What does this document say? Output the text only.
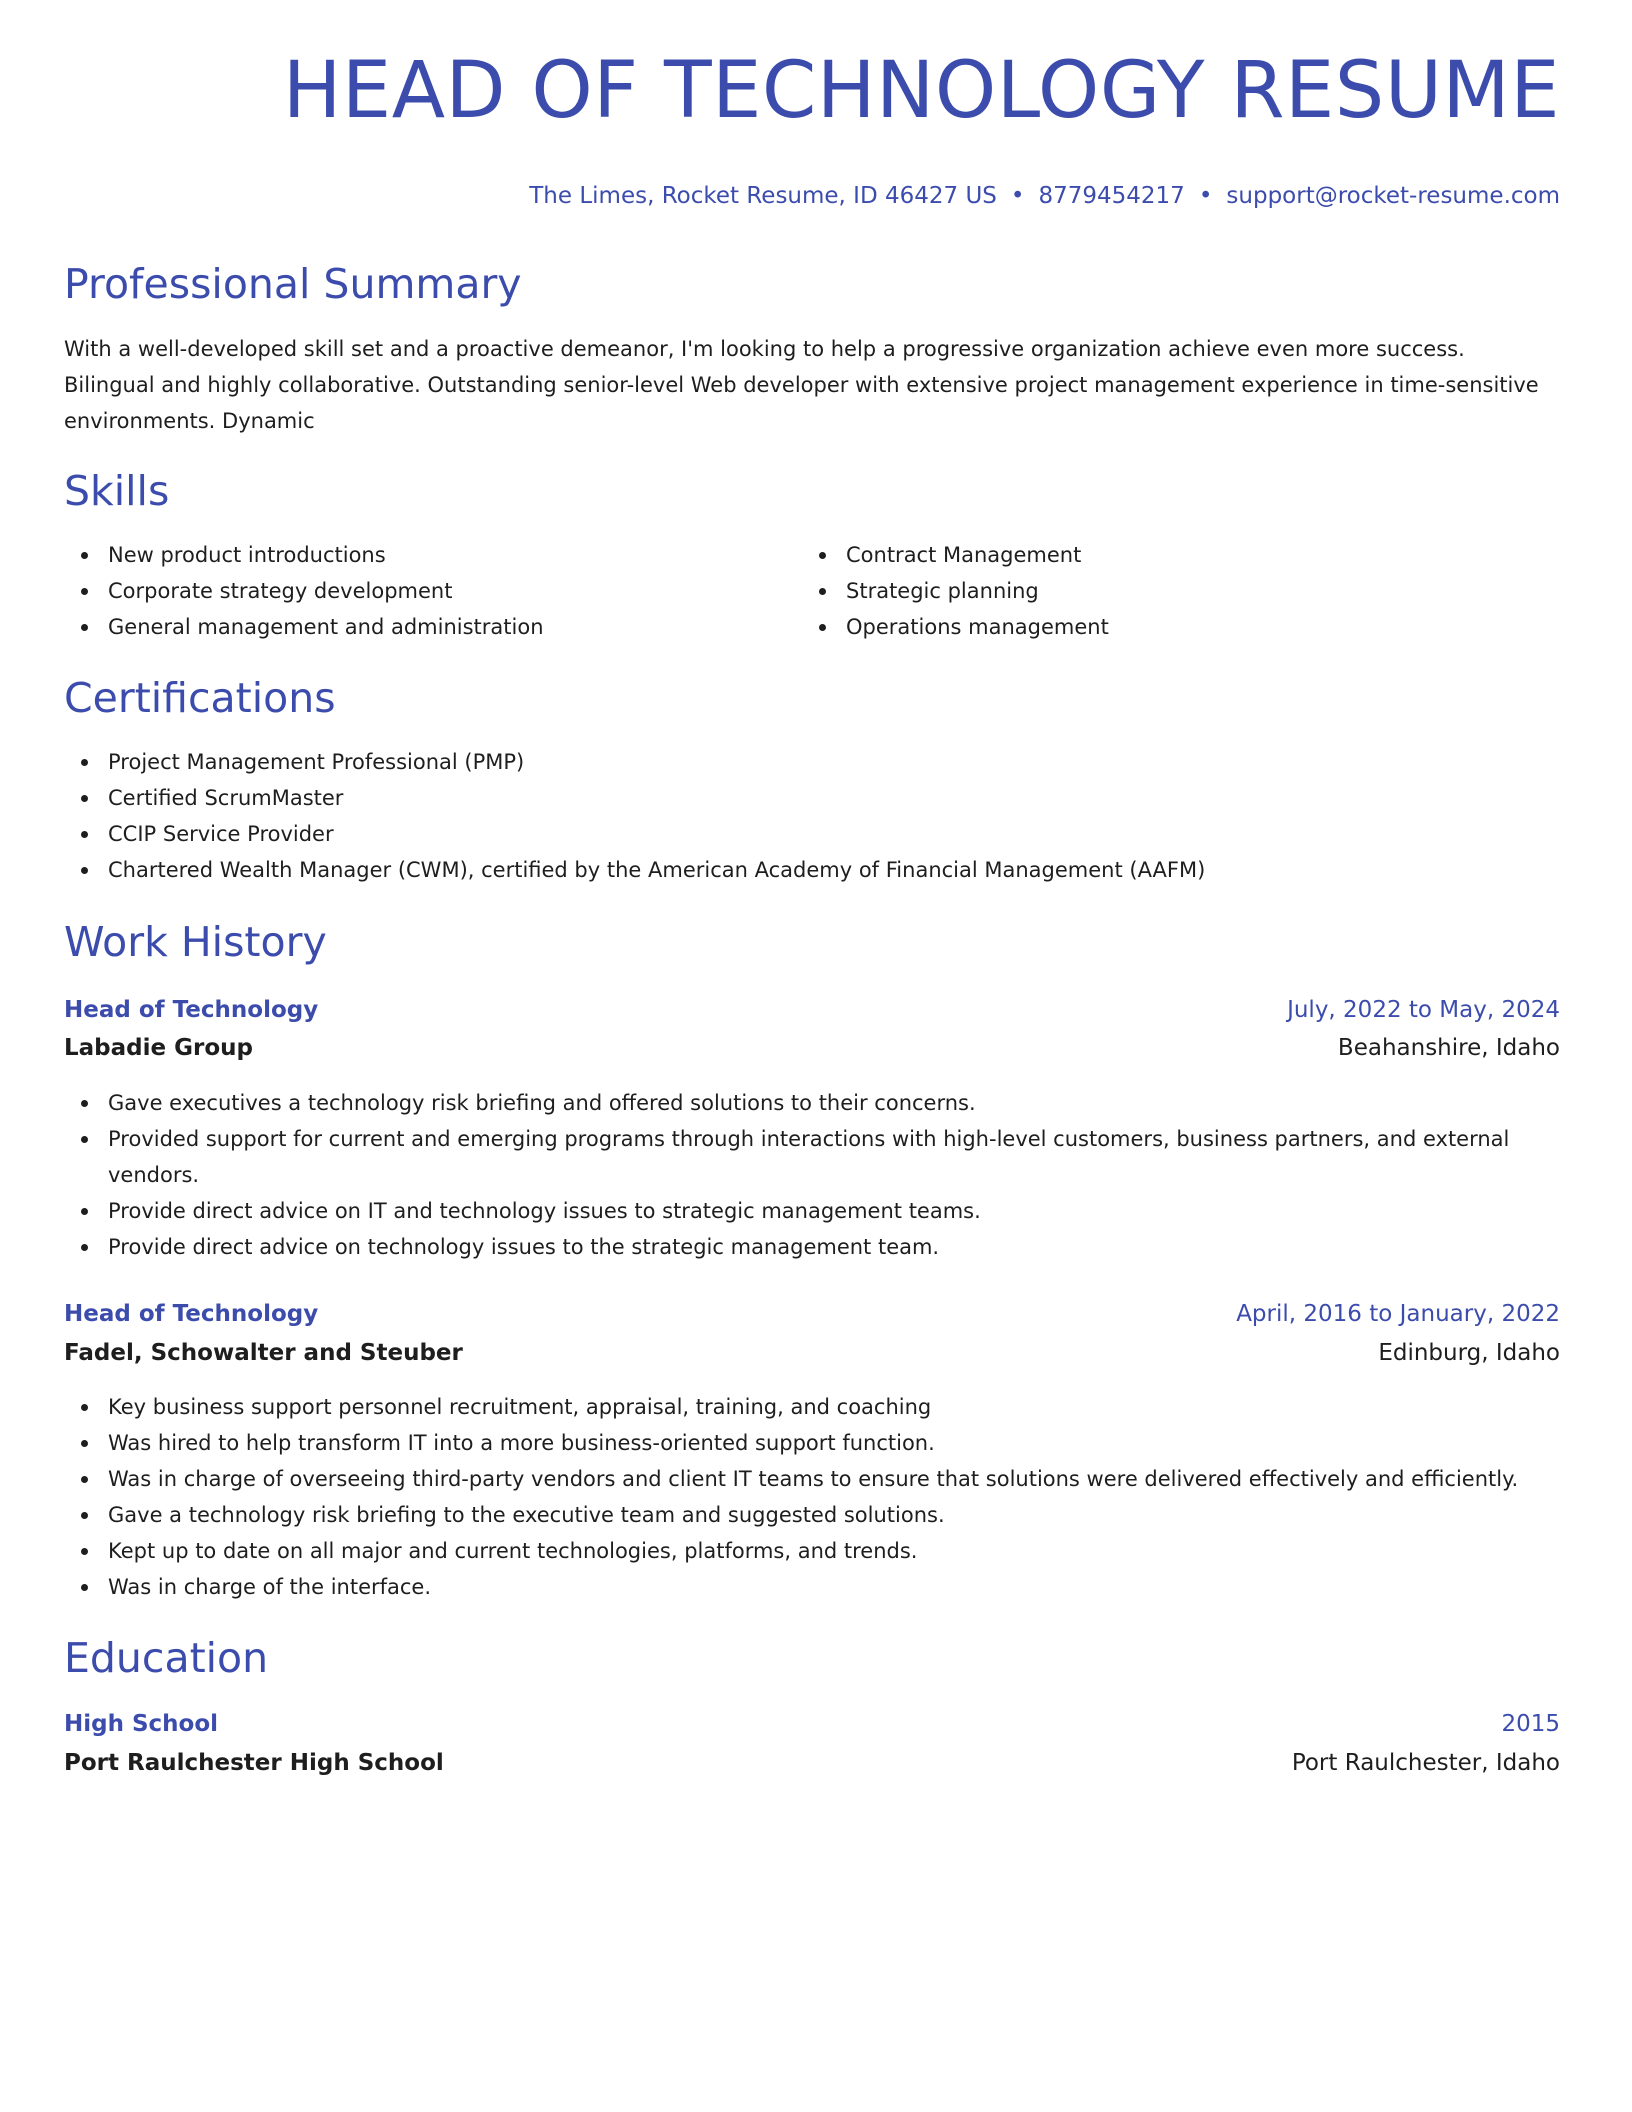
HEAD OF TECHNOLOGY RESUME
The Limes, Rocket Resume, ID 46427 US • 8779454217 • support@rocket-resume.com
Professional Summary

With a well-developed skill set and a proactive demeanor, I'm looking to help a progressive organization achieve even more success. Bilingual and highly collaborative. Outstanding senior-level Web developer with extensive project management experience in time-sensitive environments. Dynamic

Skills
New product introductions
Corporate strategy development
General management and administration
Contract Management
Strategic planning
Operations management
Certifications
Project Management Professional (PMP)
Certified ScrumMaster
CCIP Service Provider
Chartered Wealth Manager (CWM), certified by the American Academy of Financial Management (AAFM)
Work History
Head of Technology	July, 2022 to May, 2024
Labadie Group	Beahanshire, Idaho
Gave executives a technology risk briefing and offered solutions to their concerns.
Provided support for current and emerging programs through interactions with high-level customers, business partners, and external vendors.
Provide direct advice on IT and technology issues to strategic management teams.
Provide direct advice on technology issues to the strategic management team.
Head of Technology	April, 2016 to January, 2022
Fadel, Schowalter and Steuber	Edinburg, Idaho
Key business support personnel recruitment, appraisal, training, and coaching
Was hired to help transform IT into a more business-oriented support function.
Was in charge of overseeing third-party vendors and client IT teams to ensure that solutions were delivered effectively and efficiently.
Gave a technology risk briefing to the executive team and suggested solutions.
Kept up to date on all major and current technologies, platforms, and trends.
Was in charge of the interface.
Education
High School	2015
Port Raulchester High School	Port Raulchester, Idaho
